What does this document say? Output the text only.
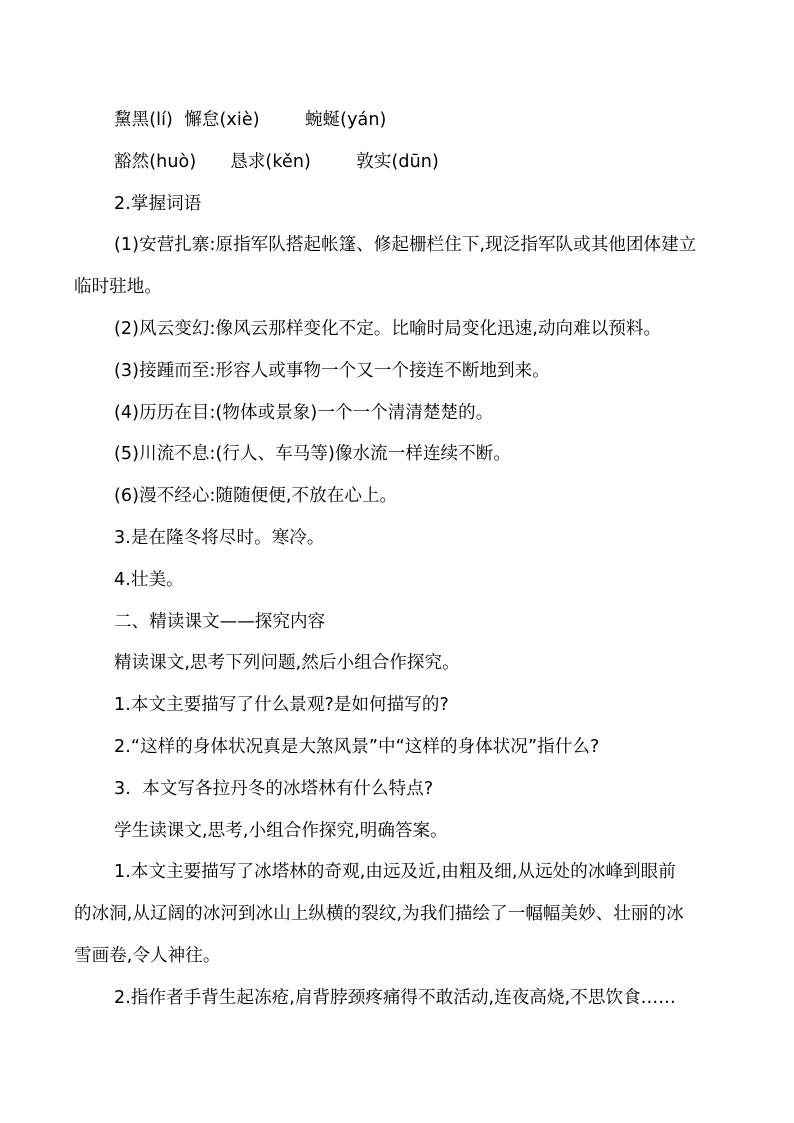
黧黑(lí)  懈怠(xiè)        蜿蜒(yán)
豁然(huò)      恳求(kěn)        敦实(dūn)
2.掌握词语
(1)安营扎寨:原指军队搭起帐篷、修起栅栏住下,现泛指军队或其他团体建立
临时驻地。
(2)风云变幻:像风云那样变化不定。比喻时局变化迅速,动向难以预料。
(3)接踵而至:形容人或事物一个又一个接连不断地到来。
(4)历历在目:(物体或景象)一个一个清清楚楚的。
(5)川流不息:(行人、车马等)像水流一样连续不断。
(6)漫不经心:随随便便,不放在心上。
3.是在隆冬将尽时。寒冷。
4.壮美。
二、精读课文——探究内容
精读课文,思考下列问题,然后小组合作探究。
1.本文主要描写了什么景观?是如何描写的?
2.“这样的身体状况真是大煞风景”中“这样的身体状况”指什么?
3.  本文写各拉丹冬的冰塔林有什么特点?
学生读课文,思考,小组合作探究,明确答案。
1.本文主要描写了冰塔林的奇观,由远及近,由粗及细,从远处的冰峰到眼前
的冰洞,从辽阔的冰河到冰山上纵横的裂纹,为我们描绘了一幅幅美妙、壮丽的冰
雪画卷,令人神往。
2.指作者手背生起冻疮,肩背脖颈疼痛得不敢活动,连夜高烧,不思饮食……
